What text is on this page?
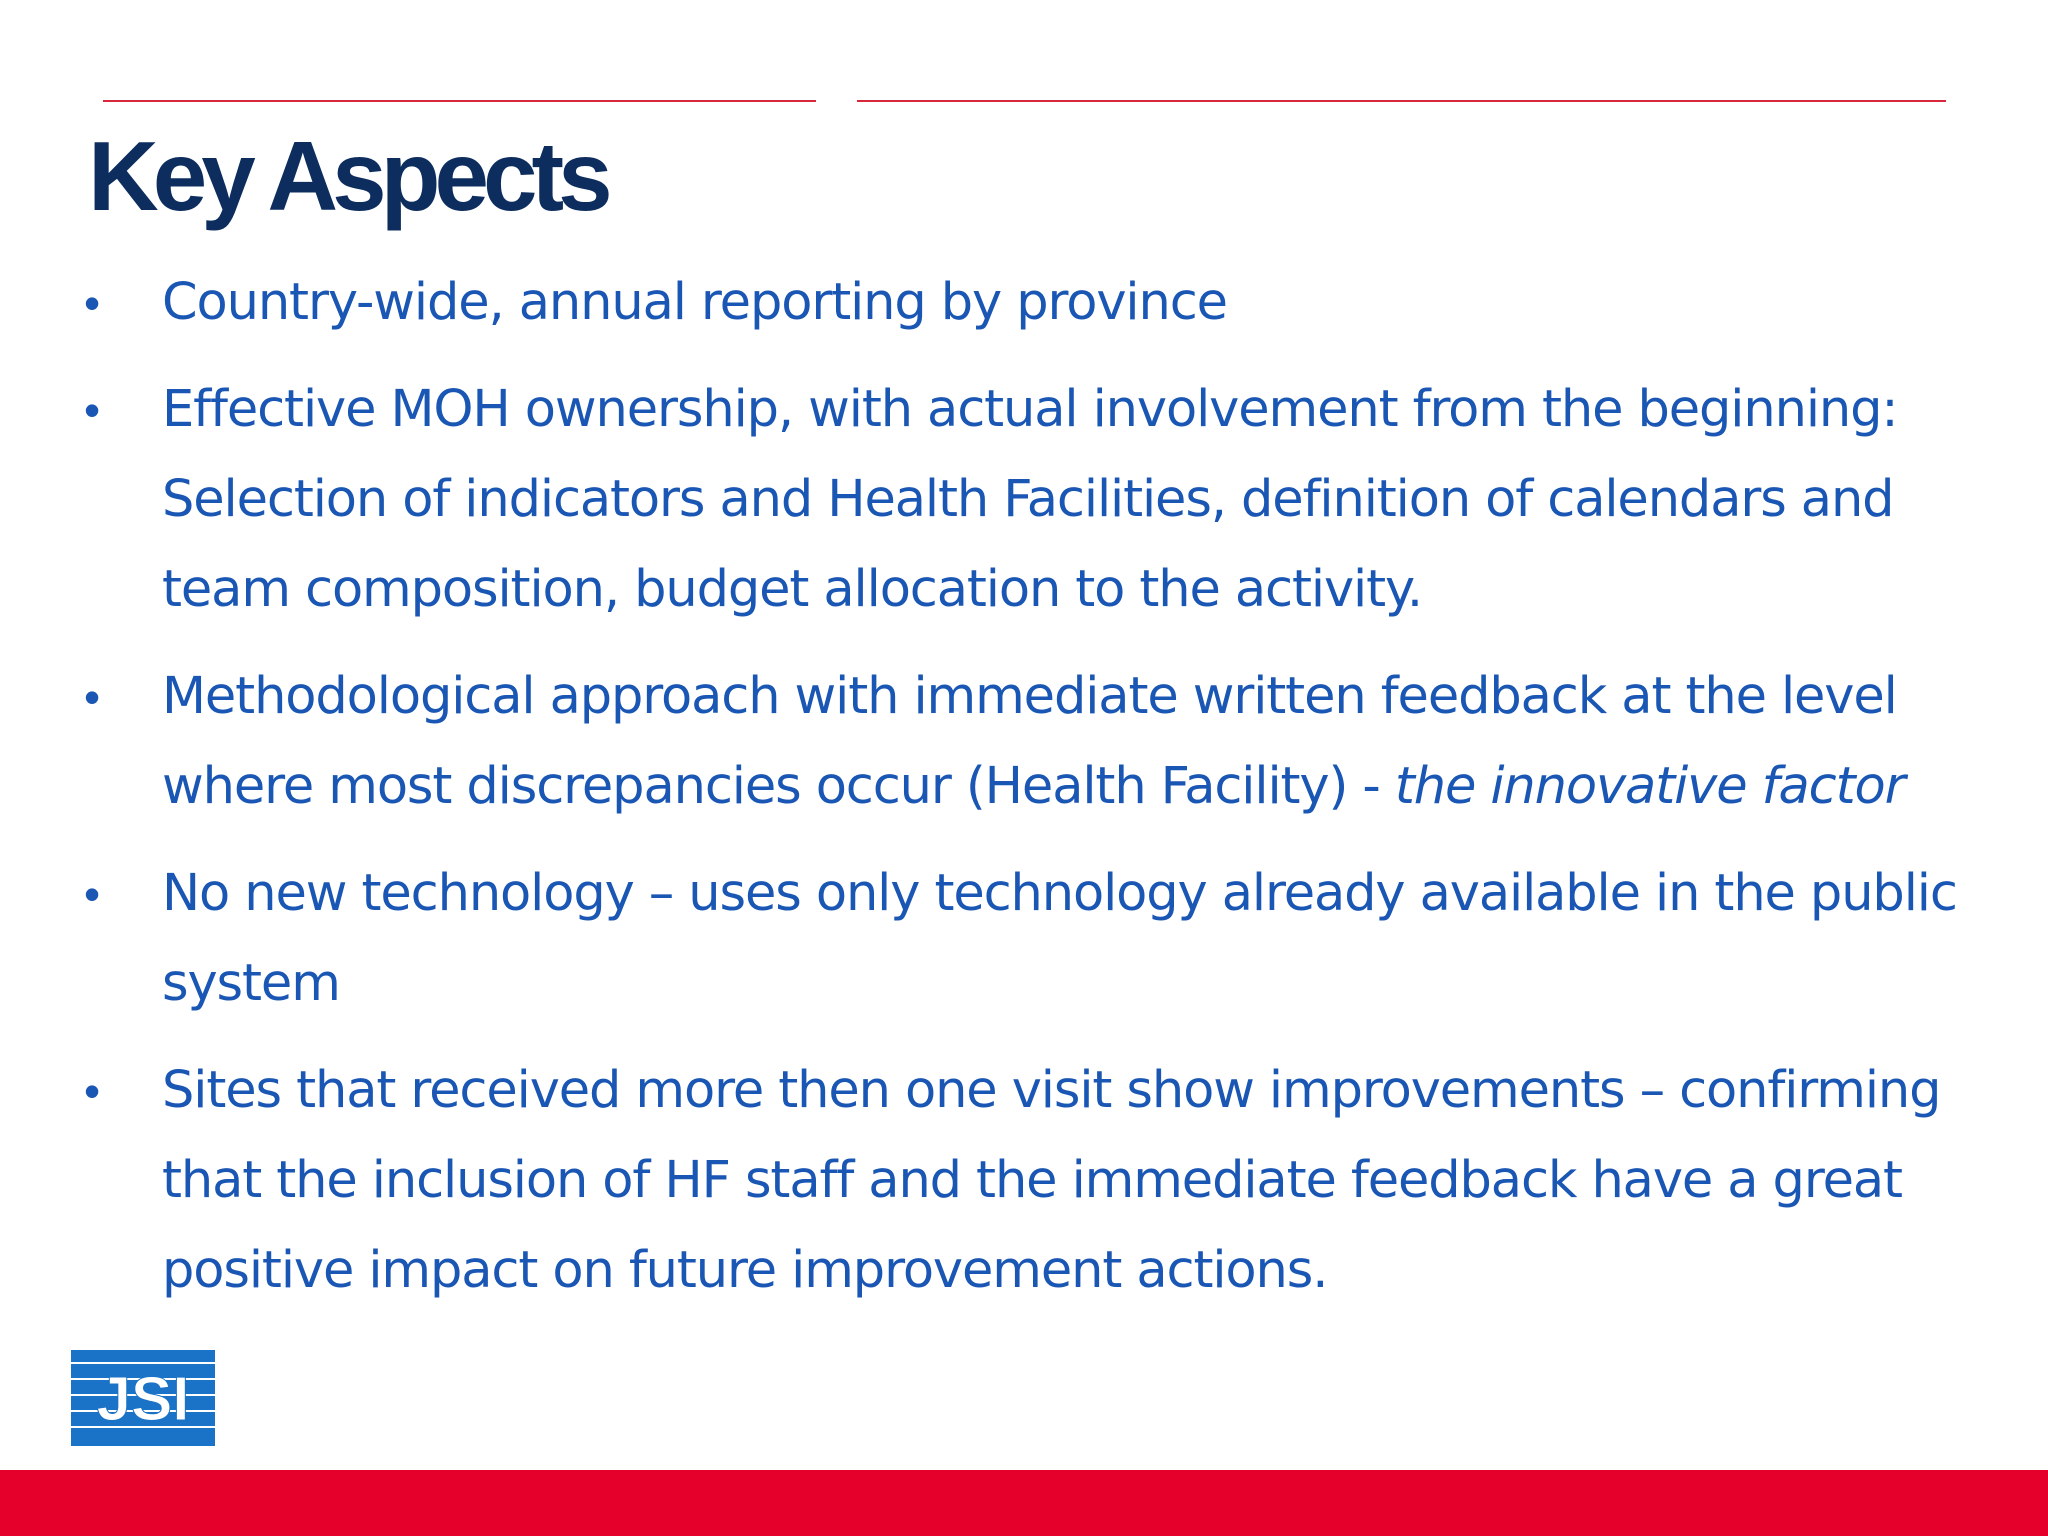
Key Aspects
• Country-wide, annual reporting by province
• Effective MOH ownership, with actual involvement from the beginning:
Selection of indicators and Health Facilities, definition of calendars and
team composition, budget allocation to the activity.
• Methodological approach with immediate written feedback at the level
where most discrepancies occur (Health Facility) - the innovative factor
• No new technology – uses only technology already available in the public
system
• Sites that received more then one visit show improvements – confirming
that the inclusion of HF staff and the immediate feedback have a great
positive impact on future improvement actions.
JSI
